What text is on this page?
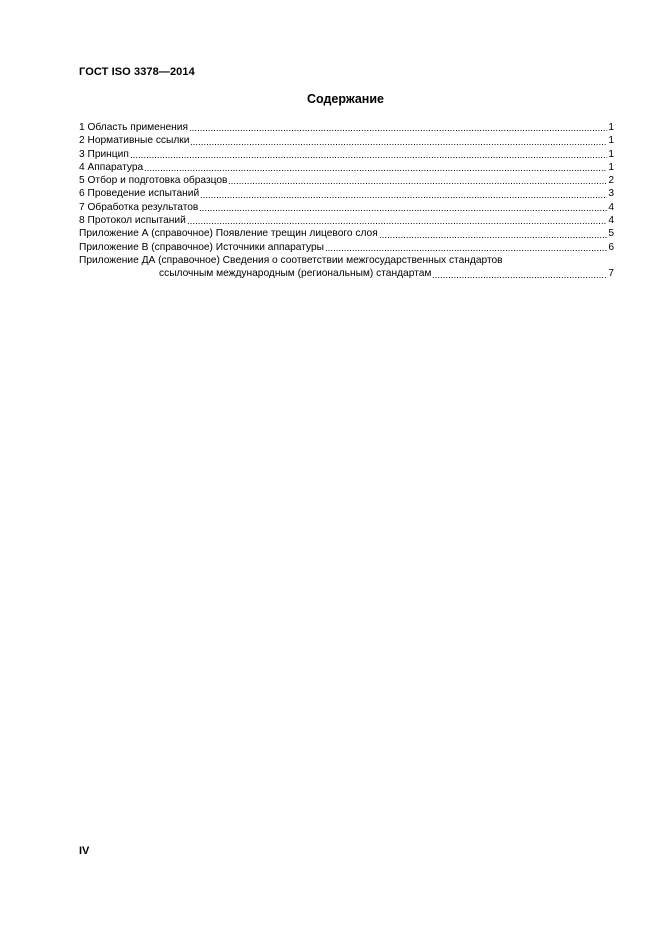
ГОСТ ISO 3378—2014
Содержание
1 Область применения	1
2 Нормативные ссылки	1
3 Принцип	1
4 Аппаратура	1
5 Отбор и подготовка образцов	2
6 Проведение испытаний	3
7 Обработка результатов	4
8 Протокол испытаний	4
Приложение А (справочное) Появление трещин лицевого слоя	5
Приложение В (справочное) Источники аппаратуры	6
Приложение ДА (справочное) Сведения о соответствии межгосударственных стандартов
ссылочным международным (региональным) стандартам	7
IV
